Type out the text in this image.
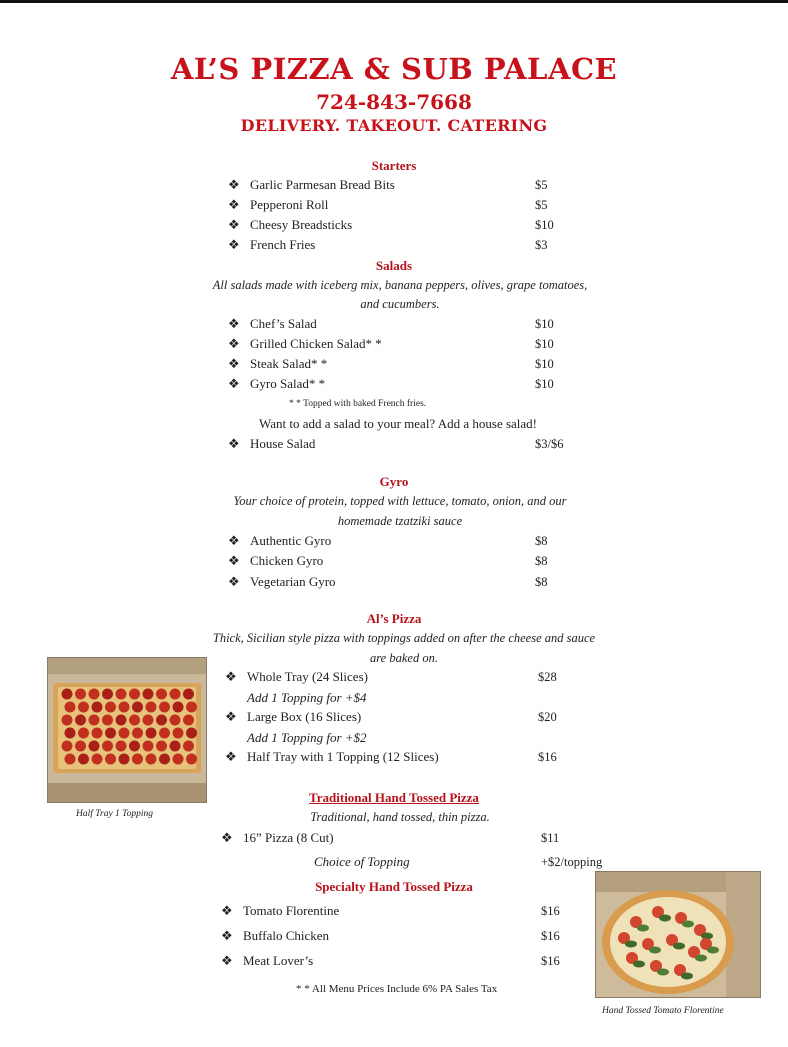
AL’S PIZZA & SUB PALACE
724-843-7668
DELIVERY. TAKEOUT. CATERING
Starters
❖ Garlic Parmesan Bread Bits	$5
❖ Pepperoni Roll	$5
❖ Cheesy Breadsticks	$10
❖ French Fries	$3
Salads
All salads made with iceberg mix, banana peppers, olives, grape tomatoes,
and cucumbers.
❖ Chef’s Salad	$10
❖ Grilled Chicken Salad* *	$10
❖ Steak Salad* *	$10
❖ Gyro Salad* *	$10
* * Topped with baked French fries.
Want to add a salad to your meal? Add a house salad!
❖ House Salad	$3/$6
Gyro
Your choice of protein, topped with lettuce, tomato, onion, and our
homemade tzatziki sauce
❖ Authentic Gyro	$8
❖ Chicken Gyro	$8
❖ Vegetarian Gyro	$8
Al’s Pizza
Thick, Sicilian style pizza with toppings added on after the cheese and sauce
are baked on.
❖ Whole Tray (24 Slices)	$28
Add 1 Topping for +$4
❖ Large Box (16 Slices)	$20
Add 1 Topping for +$2
❖ Half Tray with 1 Topping (12 Slices)	$16
Half Tray 1 Topping
Traditional Hand Tossed Pizza
Traditional, hand tossed, thin pizza.
❖ 16” Pizza (8 Cut)	$11
Choice of Topping	+$2/topping
Specialty Hand Tossed Pizza
❖ Tomato Florentine	$16
❖ Buffalo Chicken	$16
❖ Meat Lover’s	$16
Hand Tossed Tomato Florentine
* * All Menu Prices Include 6% PA Sales Tax
